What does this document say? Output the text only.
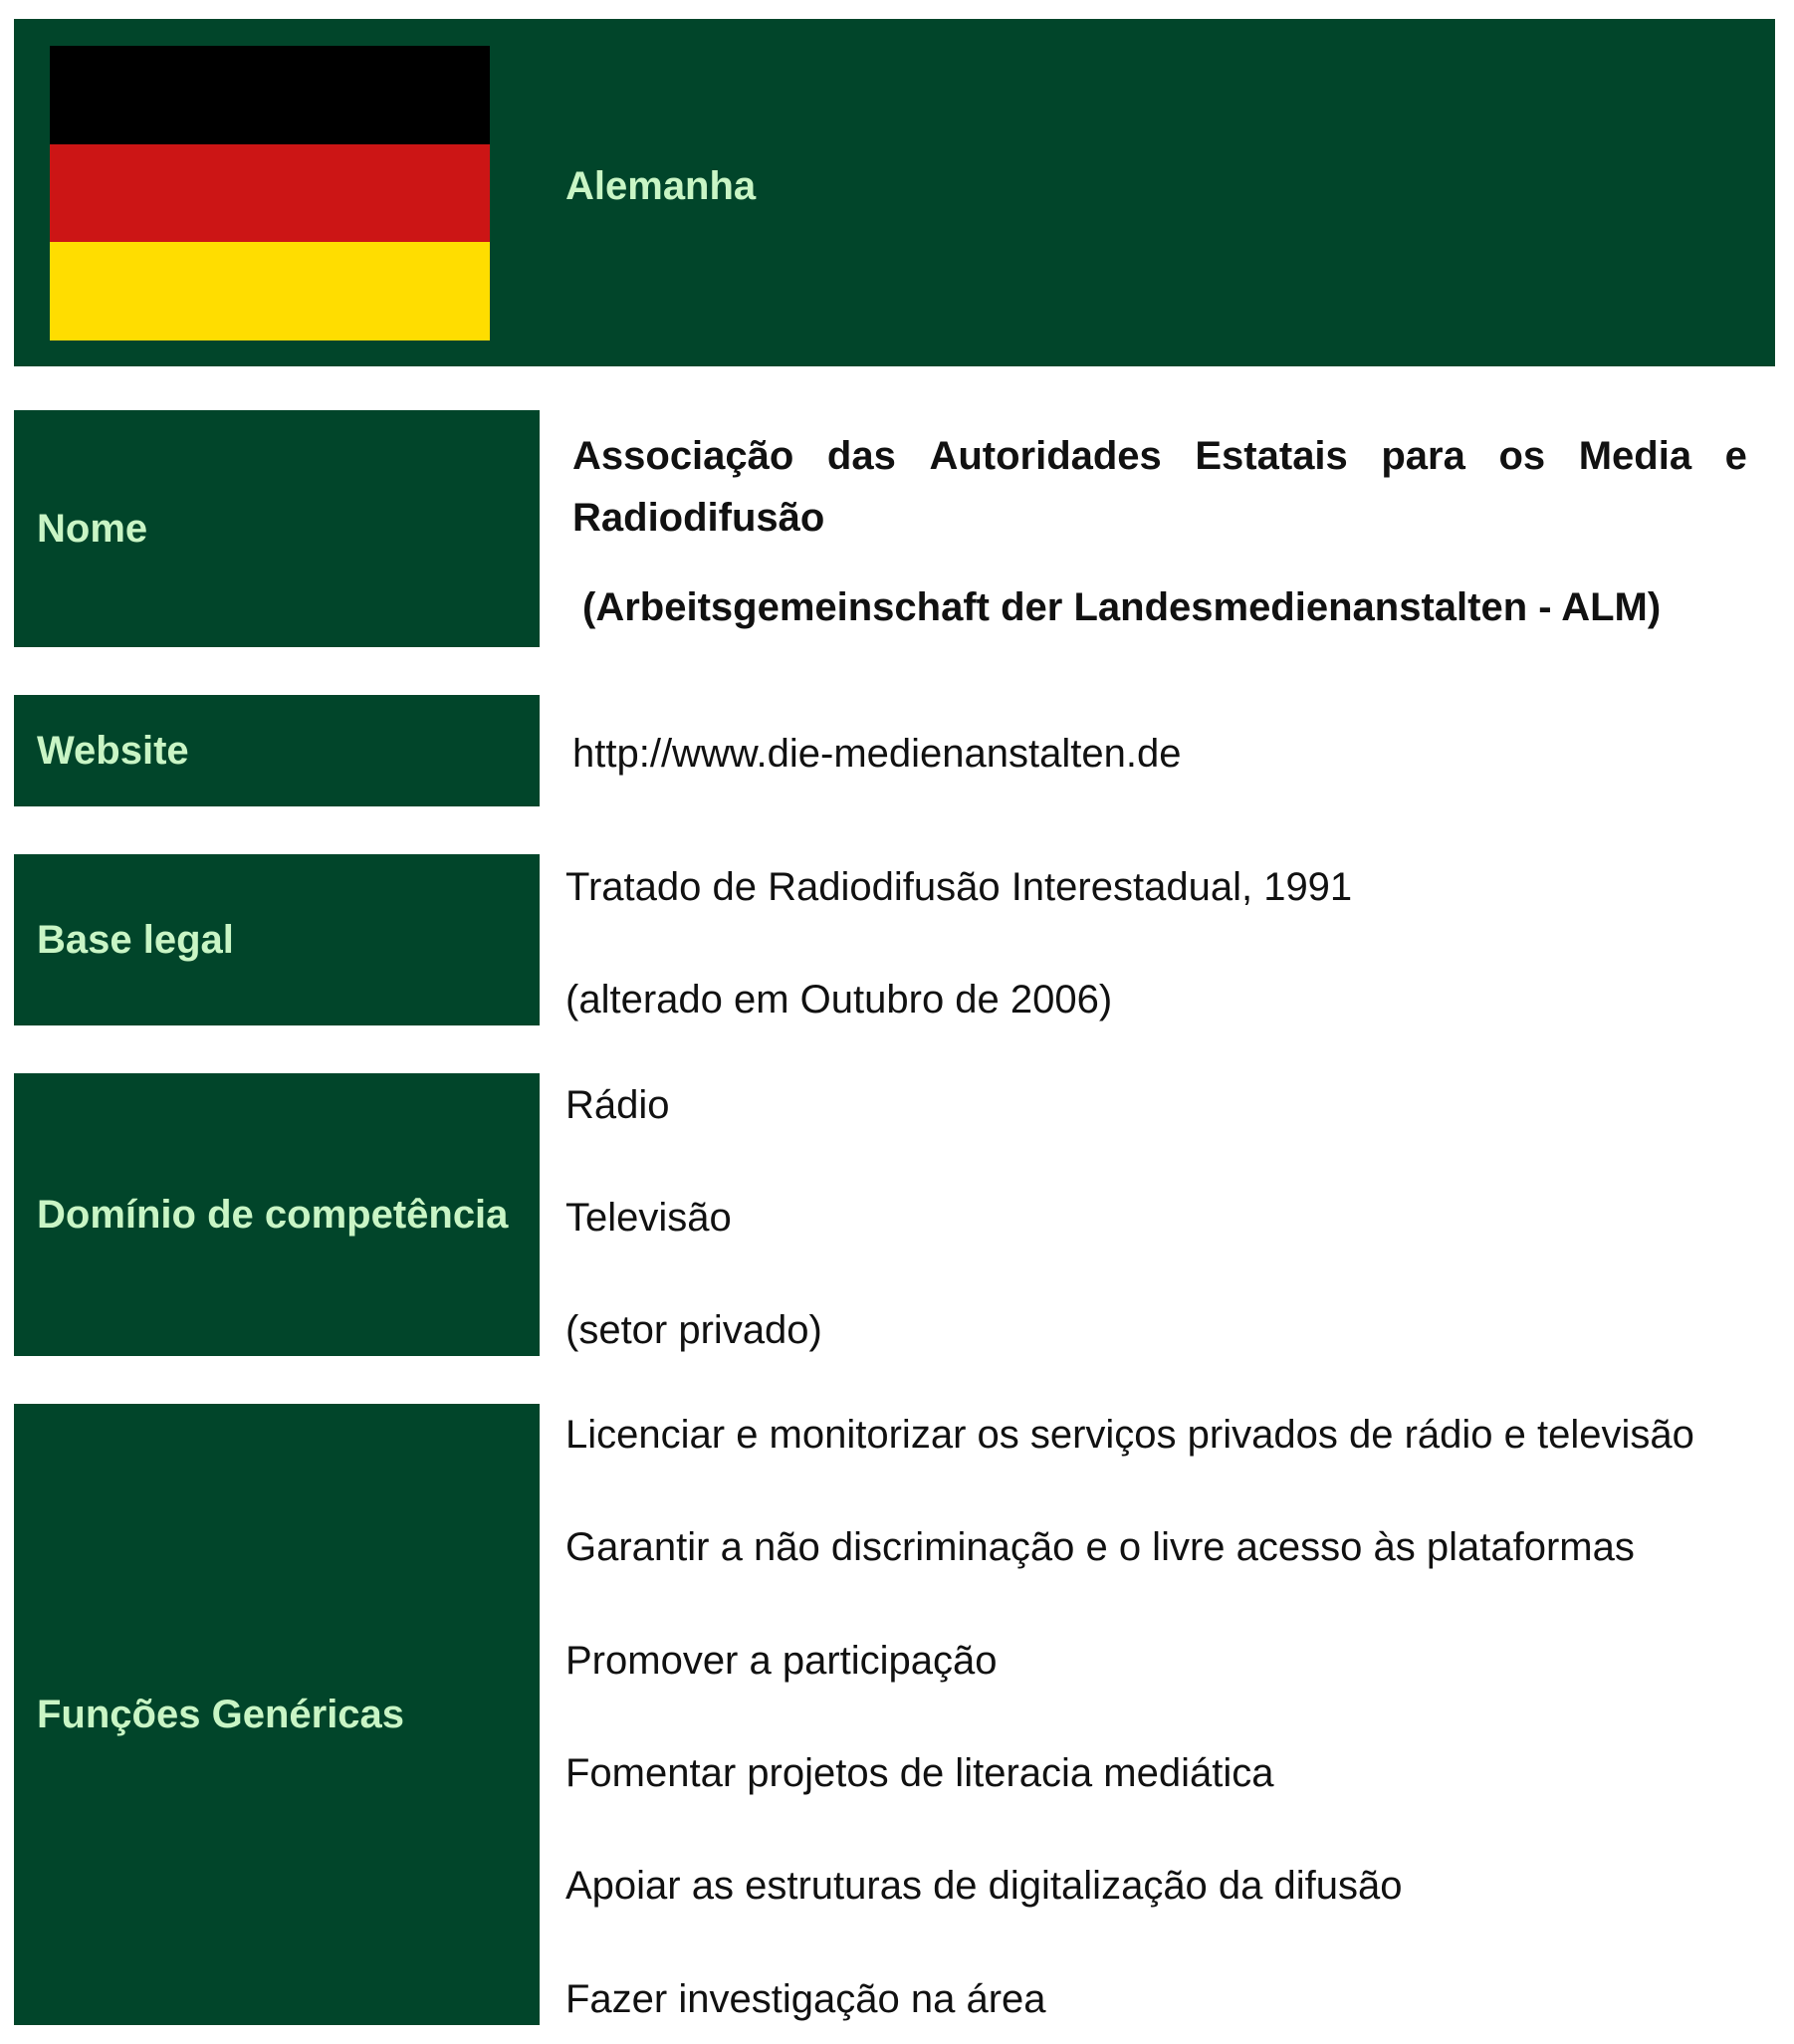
Alemanha
Nome
Associação das Autoridades Estatais para os Media e
Radiodifusão
(Arbeitsgemeinschaft der Landesmedienanstalten - ALM)
Website	http://www.die-medienanstalten.de
Base legal
Tratado de Radiodifusão Interestadual, 1991
(alterado em Outubro de 2006)
Domínio de competência
Rádio
Televisão
(setor privado)
Funções Genéricas
Licenciar e monitorizar os serviços privados de rádio e televisão
Garantir a não discriminação e o livre acesso às plataformas
Promover a participação
Fomentar projetos de literacia mediática
Apoiar as estruturas de digitalização da difusão
Fazer investigação na área
